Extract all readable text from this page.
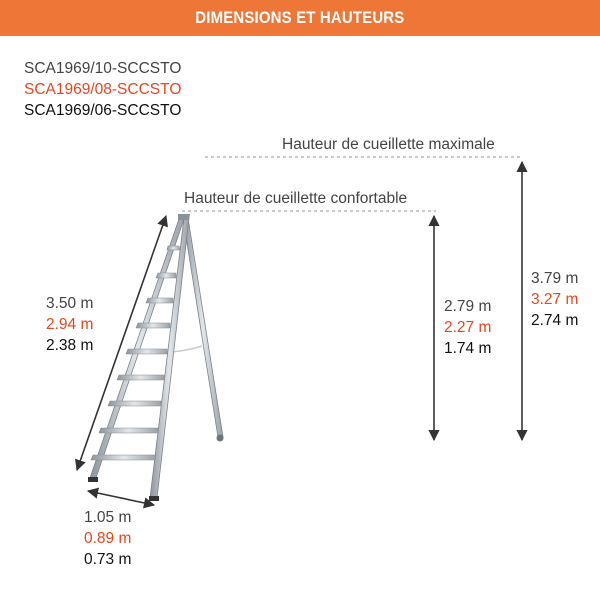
DIMENSIONS ET HAUTEURS
SCA1969/10-SCCSTO
SCA1969/08-SCCSTO
SCA1969/06-SCCSTO
Hauteur de cueillette maximale
Hauteur de cueillette confortable
3.50 m
2.94 m
2.38 m
1.05 m
0.89 m
0.73 m
2.79 m
2.27 m
1.74 m
3.79 m
3.27 m
2.74 m
